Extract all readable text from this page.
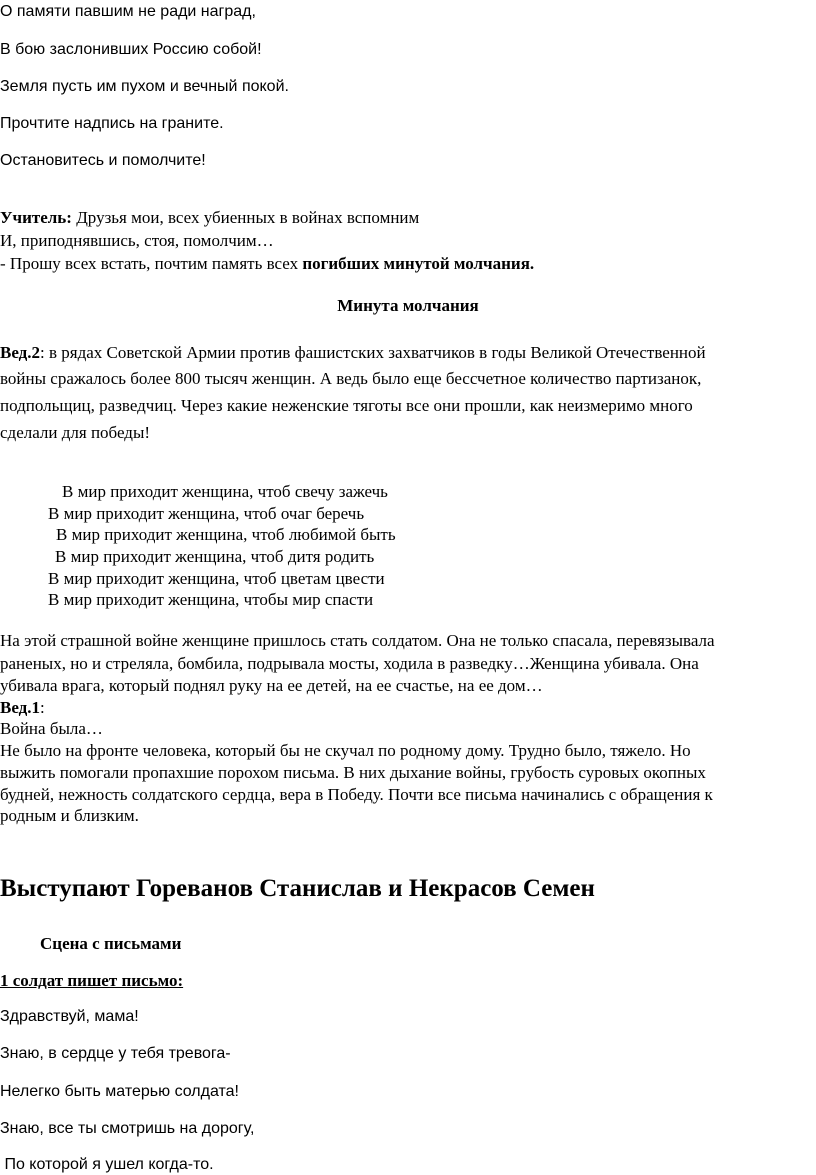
О памяти павшим не ради наград,
В бою заслонивших Россию собой!
Земля пусть им пухом и вечный покой.
Прочтите надпись на граните.
Остановитесь и помолчите!
Учитель: Друзья мои, всех убиенных в войнах вспомним
И, приподнявшись, стоя, помолчим…
- Прошу всех встать, почтим память всех погибших минутой молчания.
Минута молчания
Вед.2: в рядах Советской Армии против фашистских захватчиков в годы Великой Отечественной
войны сражалось более 800 тысяч женщин. А ведь было еще бессчетное количество партизанок,
подпольщиц, разведчиц. Через какие неженские тяготы все они прошли, как неизмеримо много
сделали для победы!
В мир приходит женщина, чтоб свечу зажечь
В мир приходит женщина, чтоб очаг беречь
В мир приходит женщина, чтоб любимой быть
В мир приходит женщина, чтоб дитя родить
В мир приходит женщина, чтоб цветам цвести
В мир приходит женщина, чтобы мир спасти
На этой страшной войне женщине пришлось стать солдатом. Она не только спасала, перевязывала
раненых, но и стреляла, бомбила, подрывала мосты, ходила в разведку…Женщина убивала. Она
убивала врага, который поднял руку на ее детей, на ее счастье, на ее дом…
Вед.1:
Война была…
Не было на фронте человека, который бы не скучал по родному дому. Трудно было, тяжело. Но
выжить помогали пропахшие порохом письма. В них дыхание войны, грубость суровых окопных
будней, нежность солдатского сердца, вера в Победу. Почти все письма начинались с обращения к
родным и близким.
Выступают Гореванов Станислав и Некрасов Семен
Сцена с письмами
1 солдат пишет письмо:
Здравствуй, мама!
Знаю, в сердце у тебя тревога-
Нелегко быть матерью солдата!
Знаю, все ты смотришь на дорогу,
По которой я ушел когда-то.
